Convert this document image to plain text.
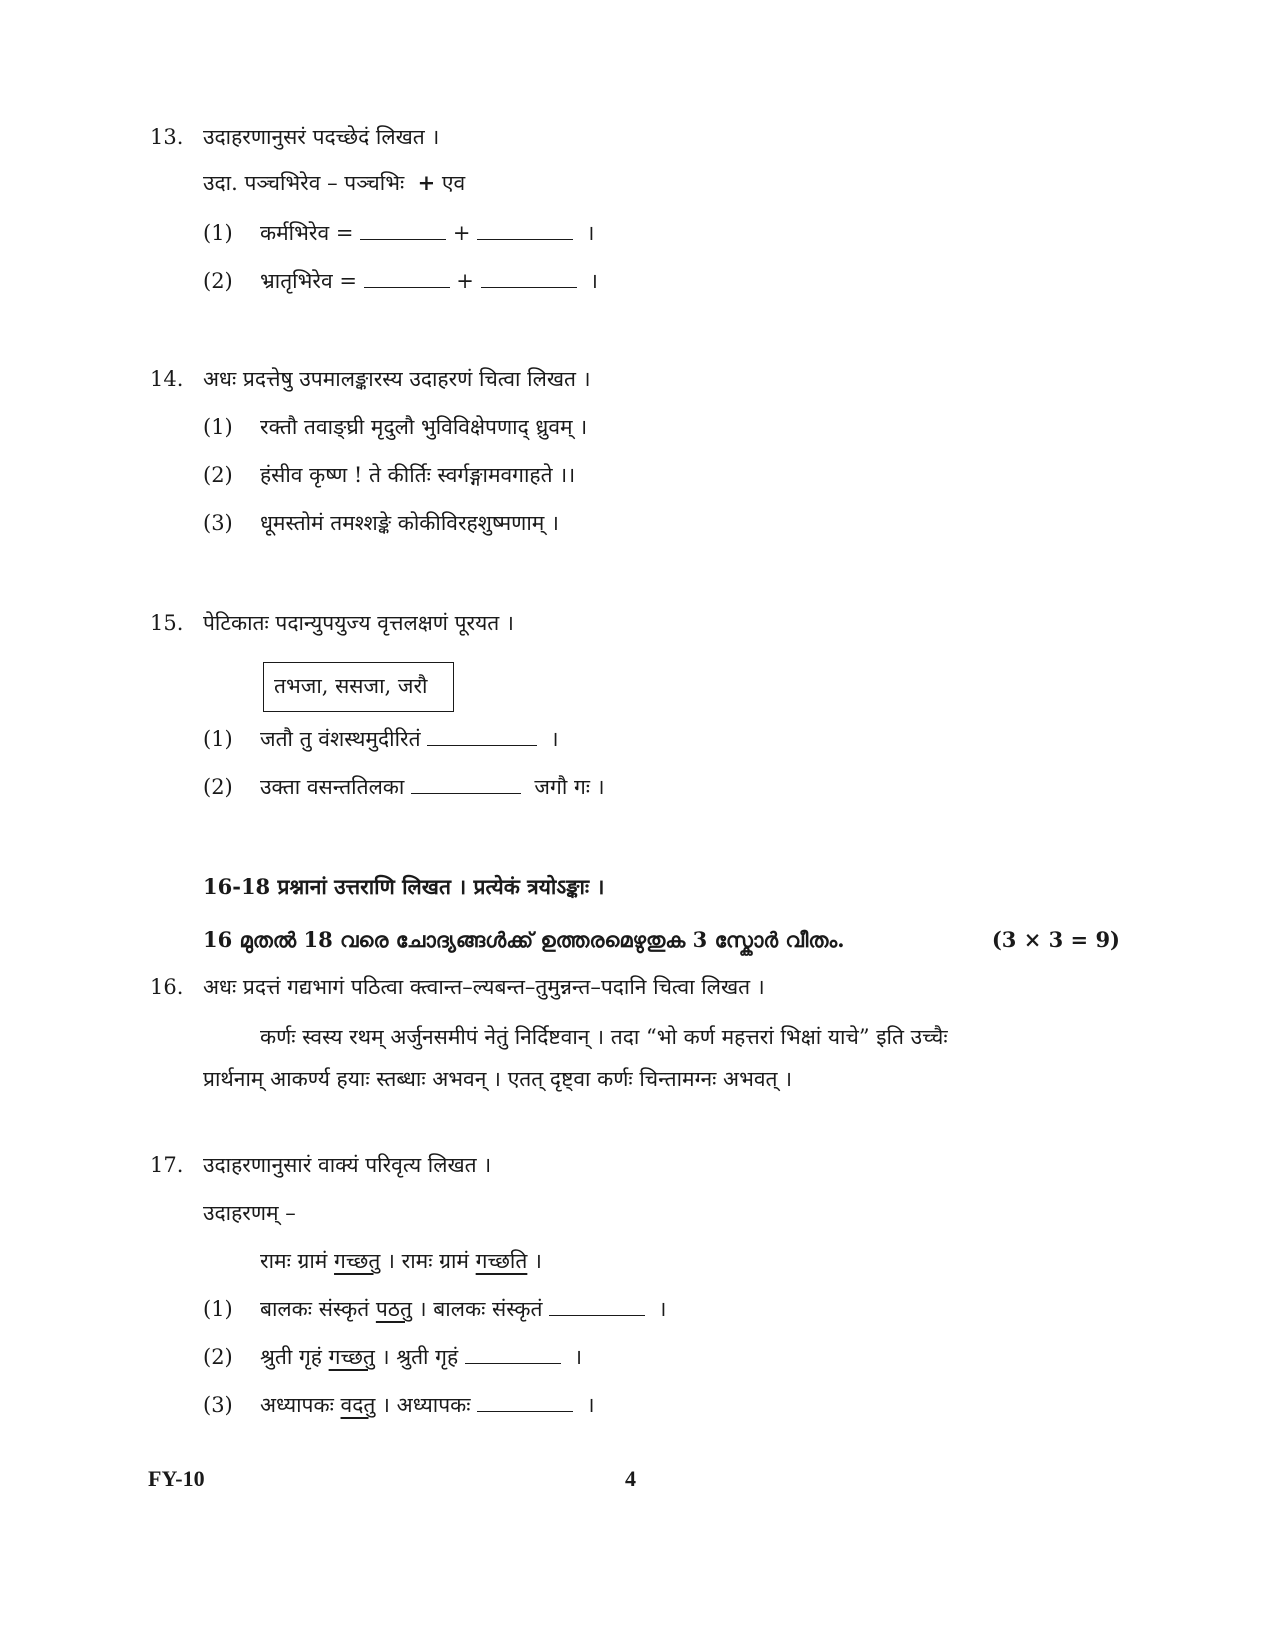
13. उदाहरणानुसरं पदच्छेदं लिखत ।
उदा. पञ्चभिरेव – पञ्चभिः + एव
(1) कर्मभिरेव =	+	।
(2) भ्रातृभिरेव =	+	।
14. अधः प्रदत्तेषु उपमालङ्कारस्य उदाहरणं चित्वा लिखत ।
(1) रक्तौ तवाङ्घ्री मृदुलौ भुविविक्षेपणाद् ध्रुवम् ।
(2) हंसीव कृष्ण ! ते कीर्तिः स्वर्गङ्गामवगाहते ।।
(3) धूमस्तोमं तमश्शङ्के कोकीविरहशुष्मणाम् ।
15. पेटिकातः पदान्युपयुज्य वृत्तलक्षणं पूरयत ।
तभजा, ससजा, जरौ
(1) जतौ तु वंशस्थमुदीरितं	।
(2) उक्ता वसन्ततिलका	जगौ गः ।
16-18 प्रश्नानां उत्तराणि लिखत । प्रत्येकं त्रयोऽङ्काः ।
16 മുതൽ 18 വരെ ചോദ്യങ്ങൾക്ക് ഉത്തരമെഴുതുക 3 സ്കോർ വീതം.	(3 × 3 = 9)
16. अधः प्रदत्तं गद्यभागं पठित्वा क्त्वान्त–ल्यबन्त–तुमुन्नन्त–पदानि चित्वा लिखत ।
कर्णः स्वस्य रथम् अर्जुनसमीपं नेतुं निर्दिष्टवान् । तदा “भो कर्ण महत्तरां भिक्षां याचे” इति उच्चैः
प्रार्थनाम् आकर्ण्य हयाः स्तब्धाः अभवन् । एतत् दृष्ट्वा कर्णः चिन्तामग्नः अभवत् ।
17. उदाहरणानुसारं वाक्यं परिवृत्य लिखत ।
उदाहरणम् –
रामः ग्रामं गच्छतु । रामः ग्रामं गच्छति ।
(1) बालकः संस्कृतं पठतु । बालकः संस्कृतं	।
(2) श्रुती गृहं गच्छतु । श्रुती गृहं	।
(3) अध्यापकः वदतु । अध्यापकः	।
FY-10	4
